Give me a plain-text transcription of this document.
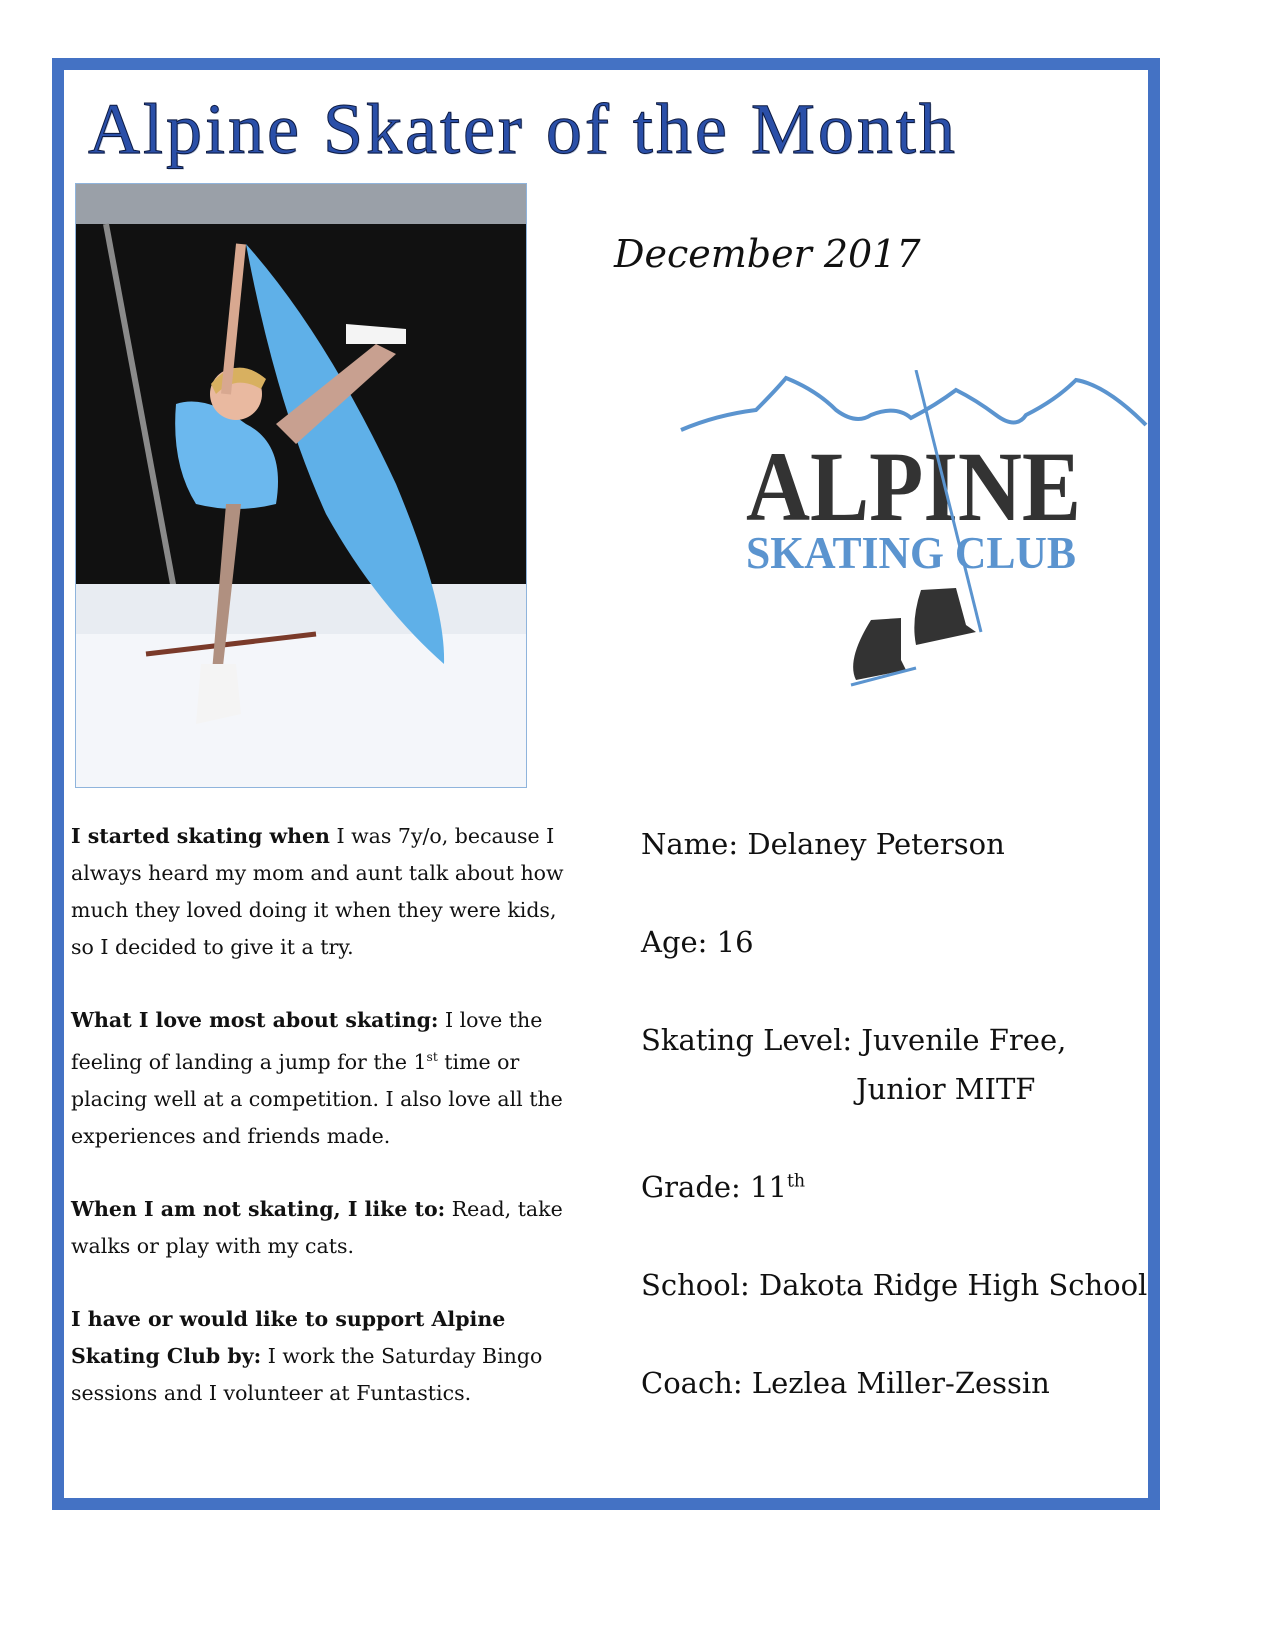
Alpine Skater of the Month
December 2017
ALPINE
SKATING CLUB

I started skating when I was 7y/o, because I always heard my mom and aunt talk about how much they loved doing it when they were kids, so I decided to give it a try.

What I love most about skating: I love the feeling of landing a jump for the 1st time or placing well at a competition. I also love all the experiences and friends made.

When I am not skating, I like to: Read, take walks or play with my cats.

I have or would like to support Alpine Skating Club by: I work the Saturday Bingo sessions and I volunteer at Funtastics.

Name: Delaney Peterson
Age: 16
Skating Level: Juvenile Free,
Junior MITF
Grade: 11th
School: Dakota Ridge High School
Coach: Lezlea Miller-Zessin
